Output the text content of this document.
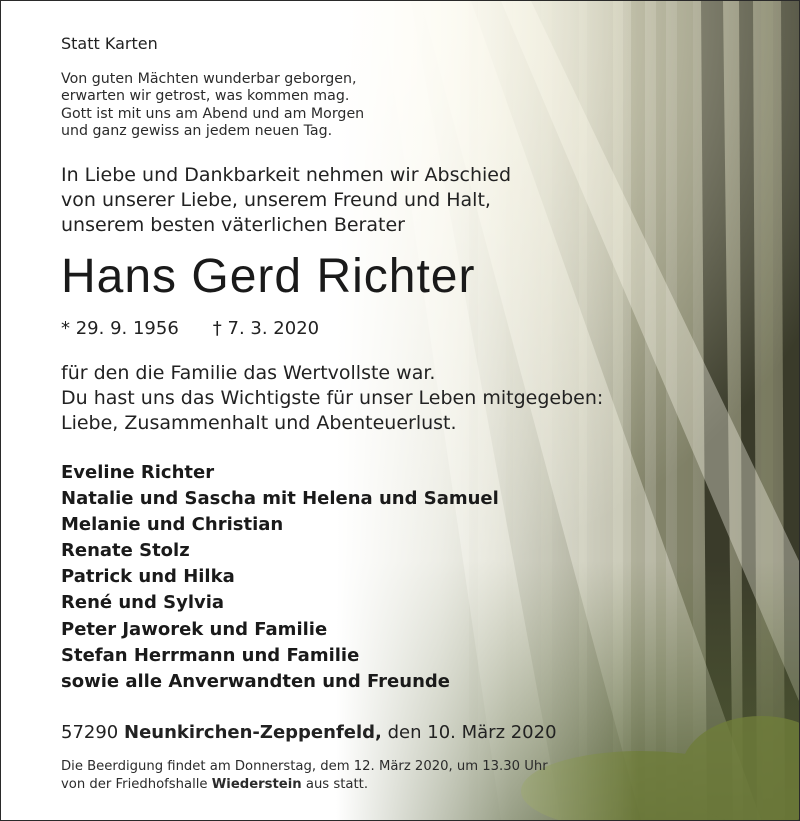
Statt Karten
Von guten Mächten wunderbar geborgen,
erwarten wir getrost, was kommen mag.
Gott ist mit uns am Abend und am Morgen
und ganz gewiss an jedem neuen Tag.
In Liebe und Dankbarkeit nehmen wir Abschied
von unserer Liebe, unserem Freund und Halt,
unserem besten väterlichen Berater
Hans Gerd Richter
* 29. 9. 1956 † 7. 3. 2020
für den die Familie das Wertvollste war.
Du hast uns das Wichtigste für unser Leben mitgegeben:
Liebe, Zusammenhalt und Abenteuerlust.
Eveline Richter
Natalie und Sascha mit Helena und Samuel
Melanie und Christian
Renate Stolz
Patrick und Hilka
René und Sylvia
Peter Jaworek und Familie
Stefan Herrmann und Familie
sowie alle Anverwandten und Freunde
57290 Neunkirchen-Zeppenfeld, den 10. März 2020
Die Beerdigung findet am Donnerstag, dem 12. März 2020, um 13.30 Uhr
von der Friedhofshalle Wiederstein aus statt.
